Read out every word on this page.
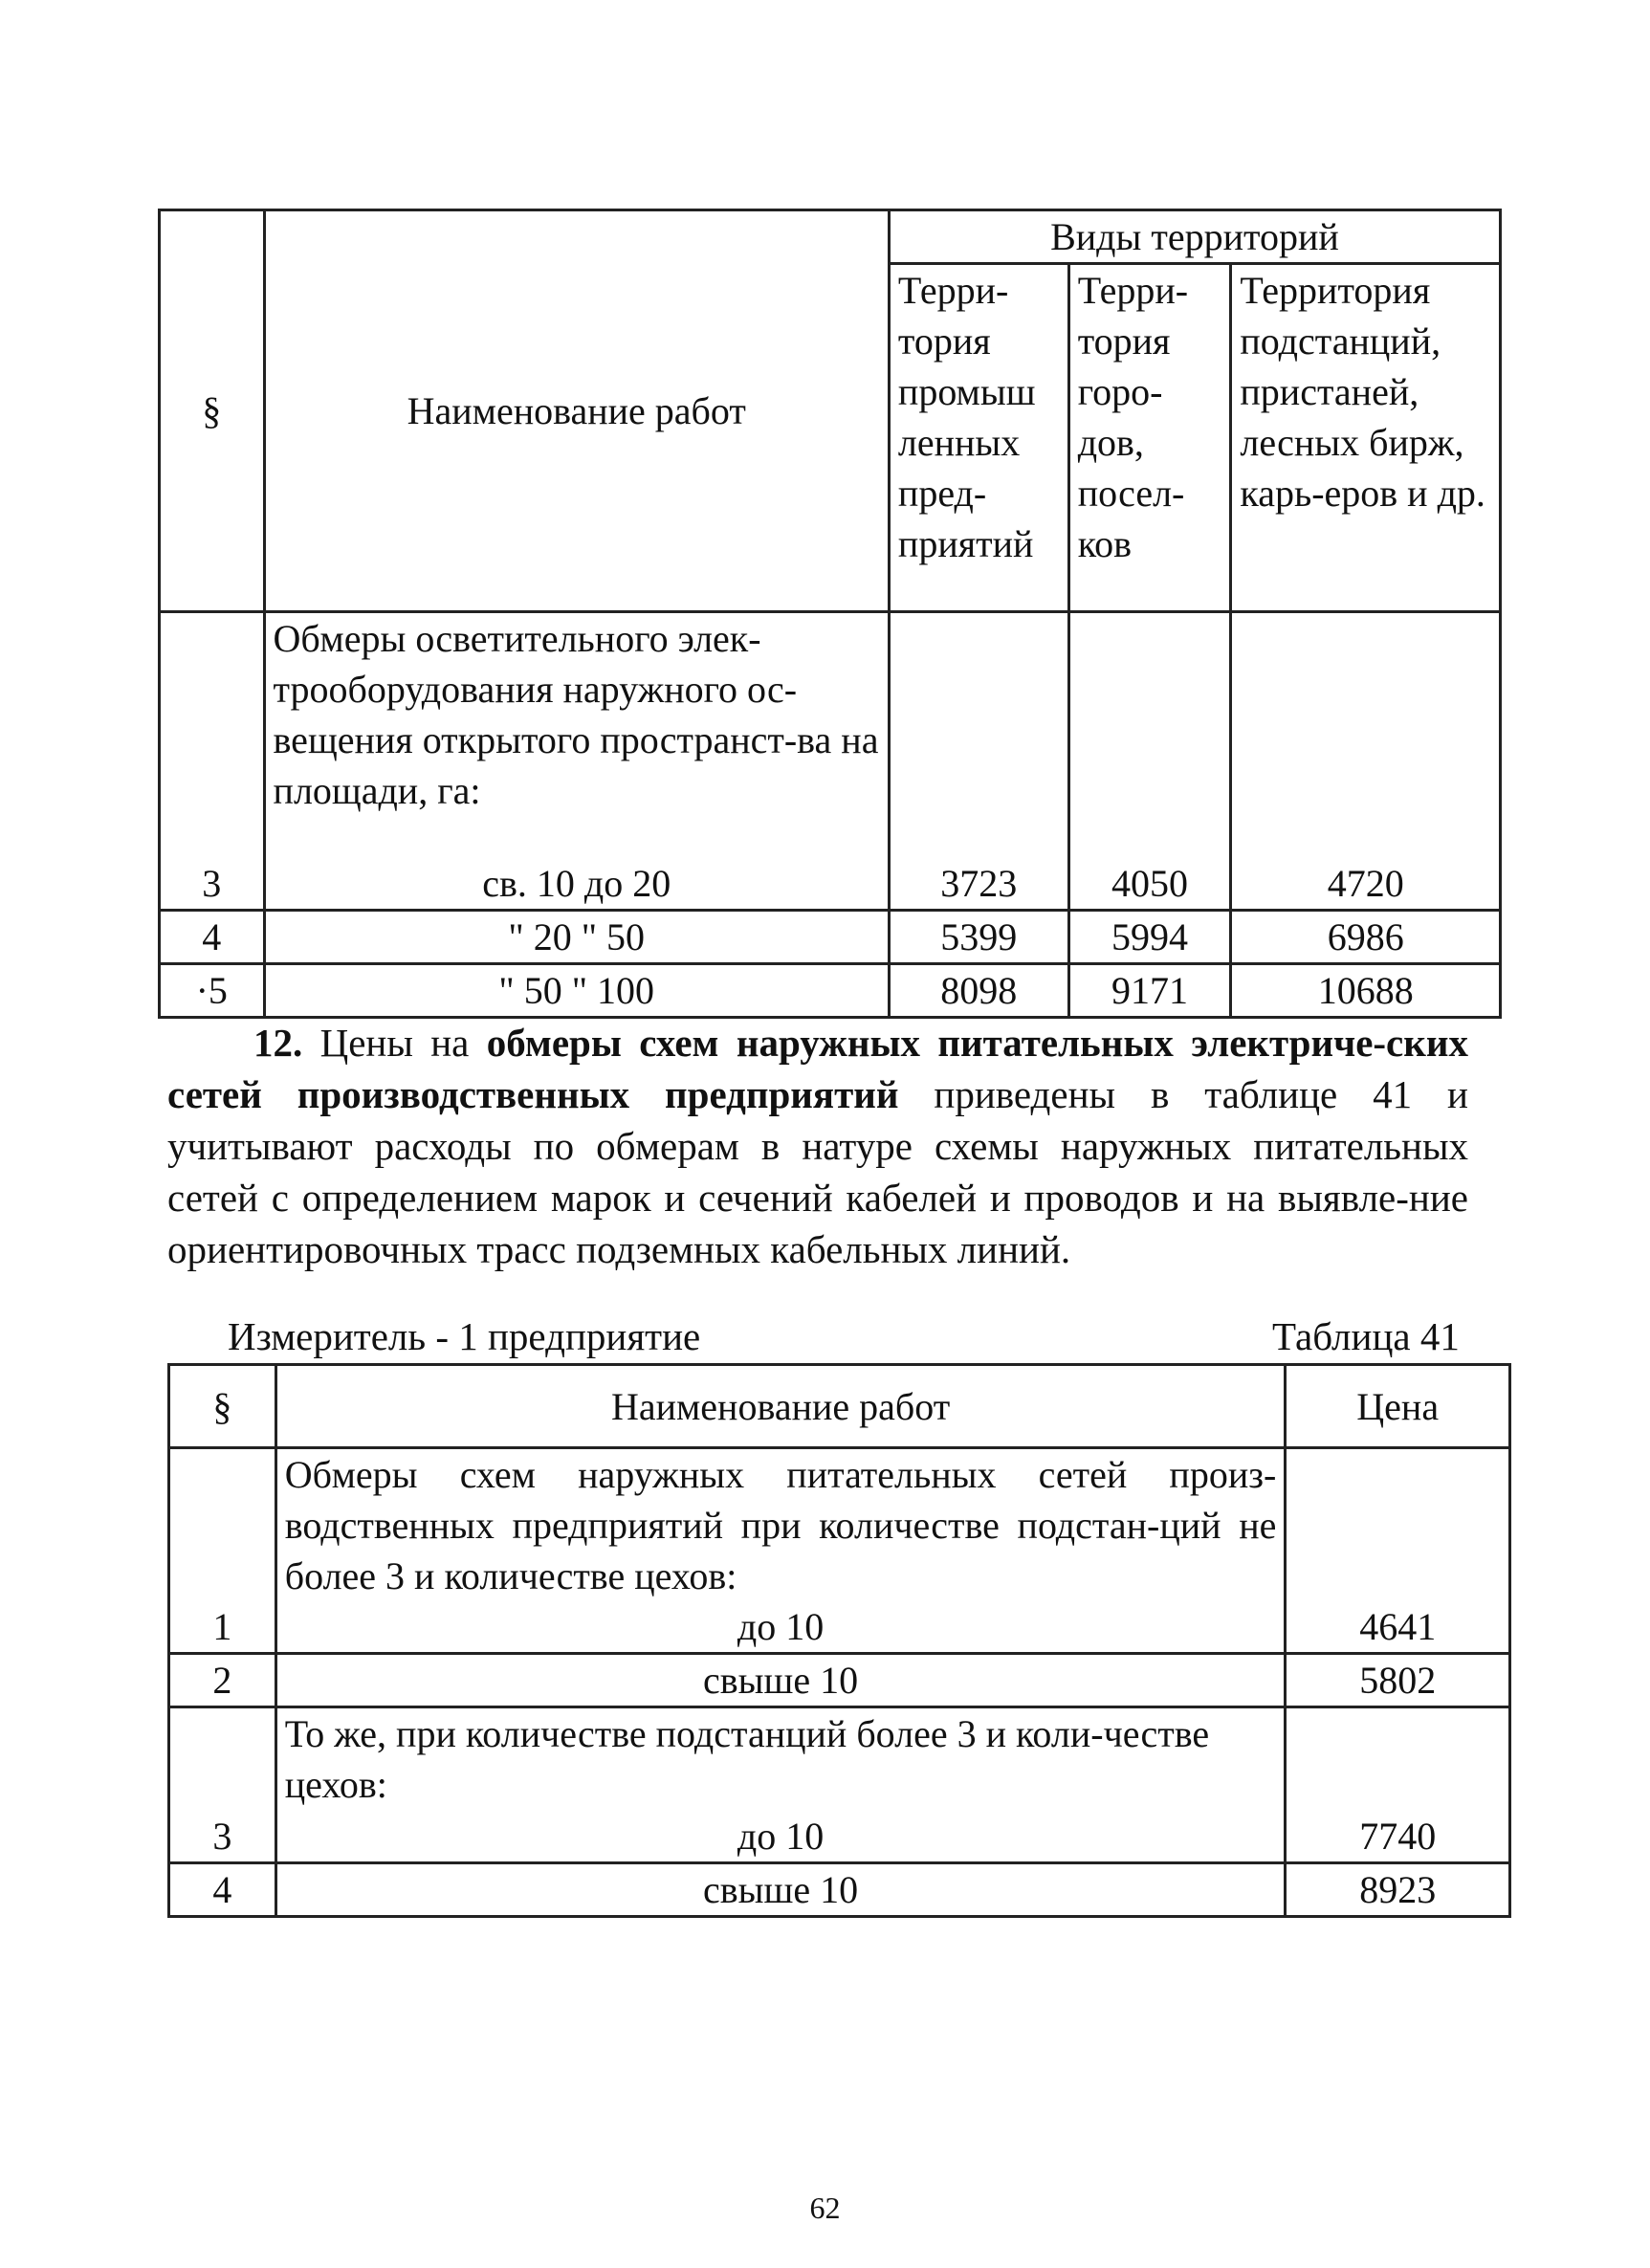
§	Наименование работ	Виды территорий		
		Терри-тория промыш ленных пред-приятий	Терри-тория горо-дов, посел-ков	Территория подстанций, пристаней, лесных бирж, карь-еров и др.
	Обмеры осветительного элек-трооборудования наружного ос-вещения открытого пространст-ва на площади, га:			
3	св. 10 до 20	3723	4050	4720
4	" 20 " 50	5399	5994	6986
·5	" 50 " 100	8098	9171	10688
12. Цены на обмеры схем наружных питательных электриче-ских сетей производственных предприятий приведены в таблице 41 и учитывают расходы по обмерам в натуре схемы наружных питательных сетей с определением марок и сечений кабелей и проводов и на выявле-ние ориентировочных трасс подземных кабельных линий.
Измеритель - 1 предприятие	Таблица 41
§	Наименование работ	Цена
	Обмеры схем наружных питательных сетей произ-водственных предприятий при количестве подстан-ций не более 3 и количестве цехов:	
1	до 10	4641
2	свыше 10	5802
	То же, при количестве подстанций более 3 и коли-честве цехов:	
3	до 10	7740
4	свыше 10	8923
62
